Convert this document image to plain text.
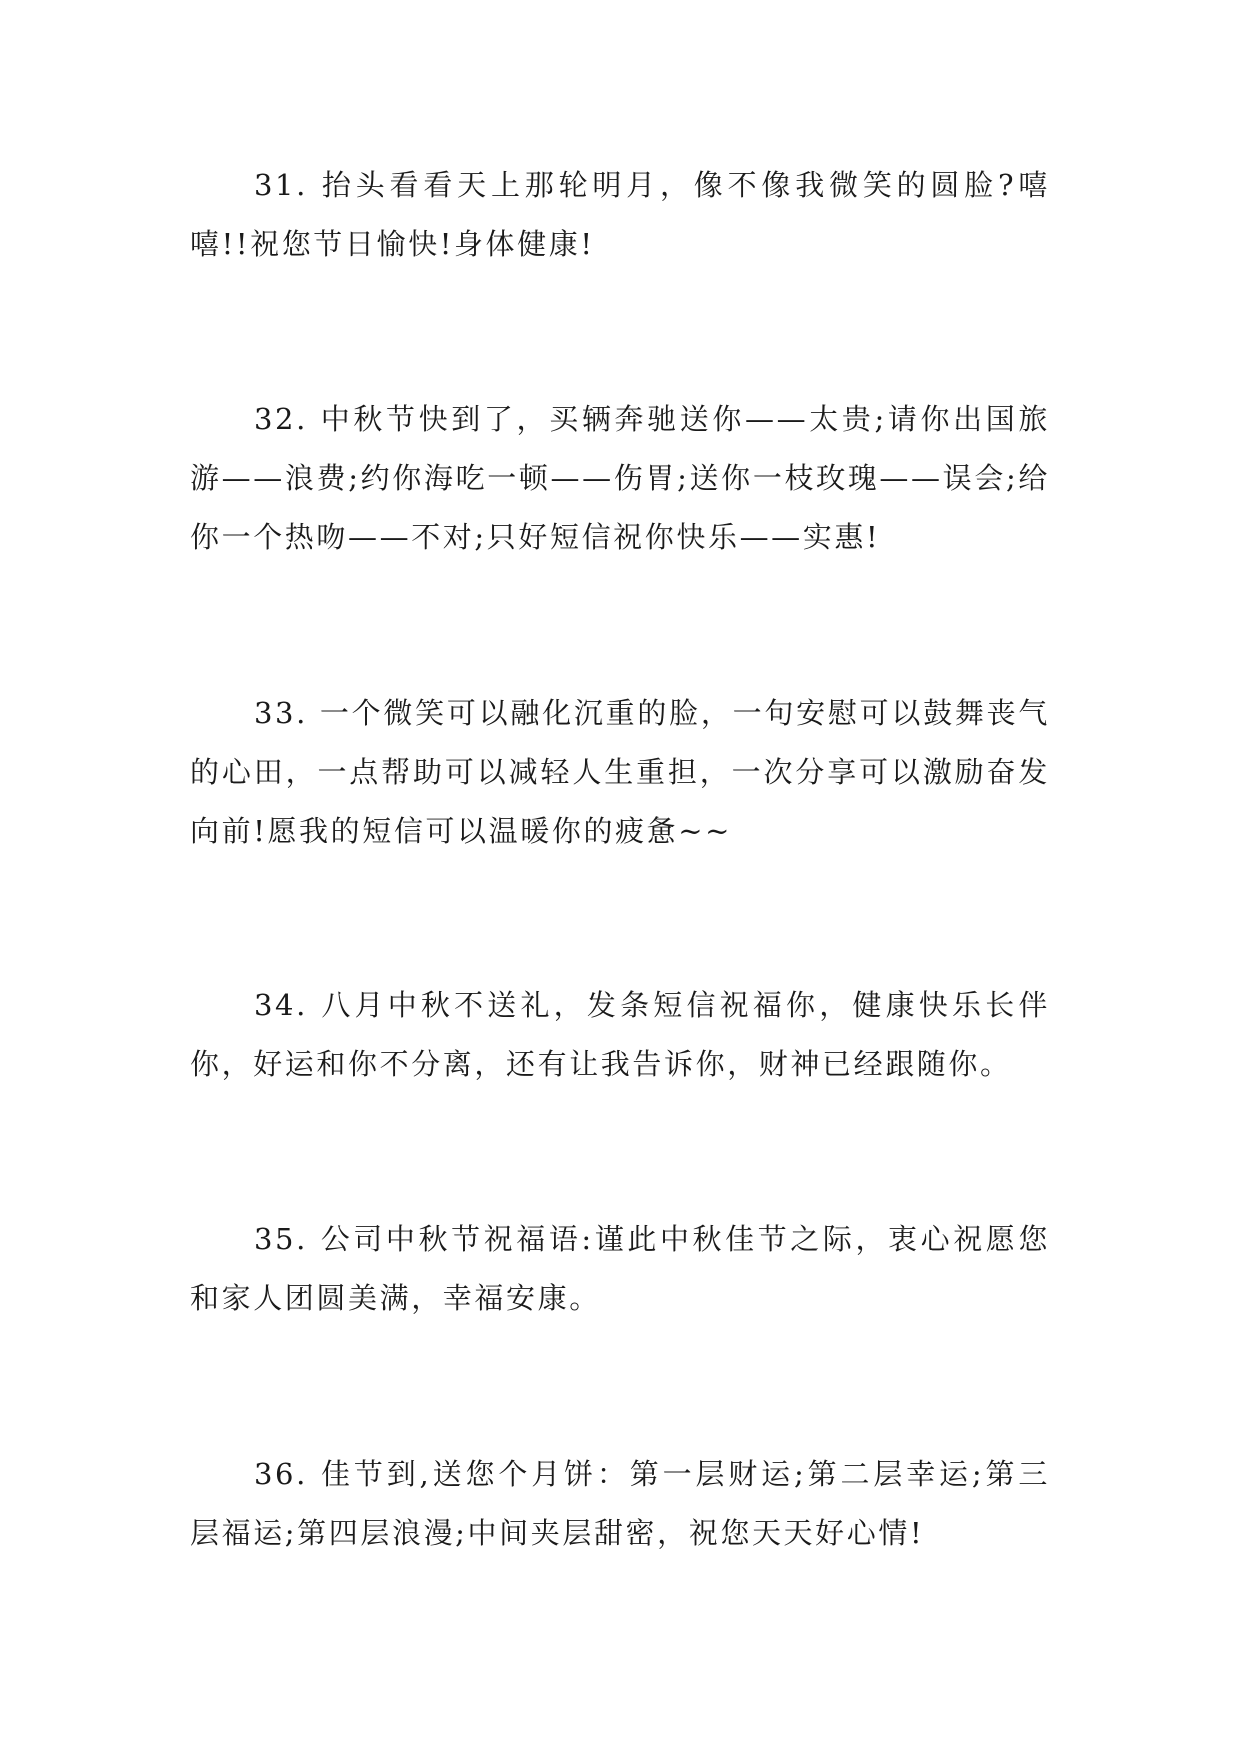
31. 抬头看看天上那轮明月，像不像我微笑的圆脸?嘻嘻!!祝您节日愉快!身体健康!

32. 中秋节快到了，买辆奔驰送你——太贵;请你出国旅游——浪费;约你海吃一顿——伤胃;送你一枝玫瑰——误会;给你一个热吻——不对;只好短信祝你快乐——实惠!

33. 一个微笑可以融化沉重的脸，一句安慰可以鼓舞丧气的心田，一点帮助可以减轻人生重担，一次分享可以激励奋发向前!愿我的短信可以温暖你的疲惫~~

34. 八月中秋不送礼，发条短信祝福你，健康快乐长伴你，好运和你不分离，还有让我告诉你，财神已经跟随你。

35. 公司中秋节祝福语:谨此中秋佳节之际，衷心祝愿您和家人团圆美满，幸福安康。

36. 佳节到,送您个月饼：第一层财运;第二层幸运;第三层福运;第四层浪漫;中间夹层甜密，祝您天天好心情!
